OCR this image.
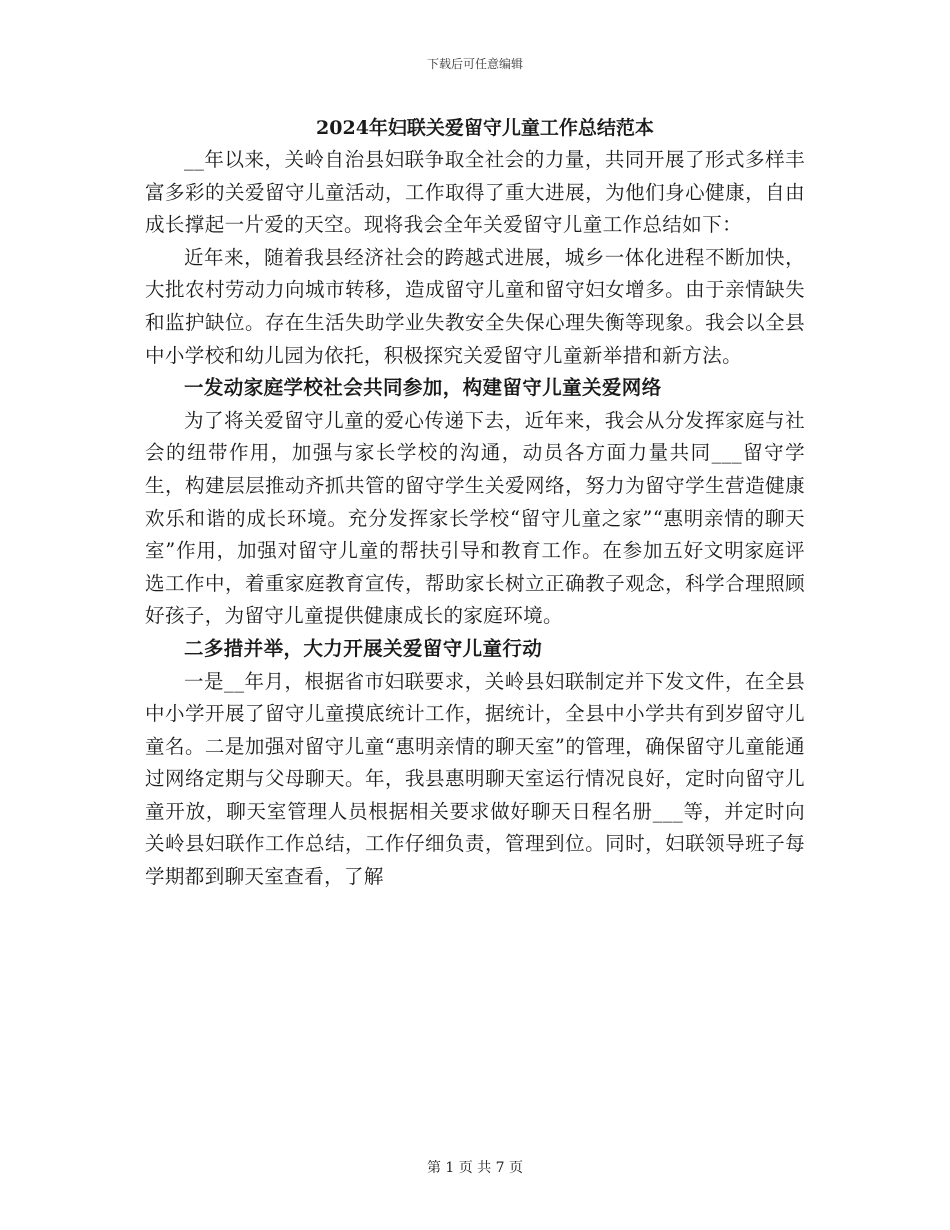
下载后可任意编辑
2024年妇联关爱留守儿童工作总结范本

__年以来，关岭自治县妇联争取全社会的力量，共同开展了形式多样丰富多彩的关爱留守儿童活动，工作取得了重大进展，为他们身心健康，自由成长撑起一片爱的天空。现将我会全年关爱留守儿童工作总结如下：

近年来，随着我县经济社会的跨越式进展，城乡一体化进程不断加快，大批农村劳动力向城市转移，造成留守儿童和留守妇女增多。由于亲情缺失和监护缺位。存在生活失助学业失教安全失保心理失衡等现象。我会以全县中小学校和幼儿园为依托，积极探究关爱留守儿童新举措和新方法。

一发动家庭学校社会共同参加，构建留守儿童关爱网络

为了将关爱留守儿童的爱心传递下去，近年来，我会从分发挥家庭与社会的纽带作用，加强与家长学校的沟通，动员各方面力量共同___留守学生，构建层层推动齐抓共管的留守学生关爱网络，努力为留守学生营造健康欢乐和谐的成长环境。充分发挥家长学校“留守儿童之家”“惠明亲情的聊天室”作用，加强对留守儿童的帮扶引导和教育工作。在参加五好文明家庭评选工作中，着重家庭教育宣传，帮助家长树立正确教子观念，科学合理照顾好孩子，为留守儿童提供健康成长的家庭环境。

二多措并举，大力开展关爱留守儿童行动

一是__年月，根据省市妇联要求，关岭县妇联制定并下发文件，在全县中小学开展了留守儿童摸底统计工作，据统计，全县中小学共有到岁留守儿童名。二是加强对留守儿童“惠明亲情的聊天室”的管理，确保留守儿童能通过网络定期与父母聊天。年，我县惠明聊天室运行情况良好，定时向留守儿童开放，聊天室管理人员根据相关要求做好聊天日程名册___等，并定时向关岭县妇联作工作总结，工作仔细负责，管理到位。同时，妇联领导班子每学期都到聊天室查看，了解

第 1 页 共 7 页
